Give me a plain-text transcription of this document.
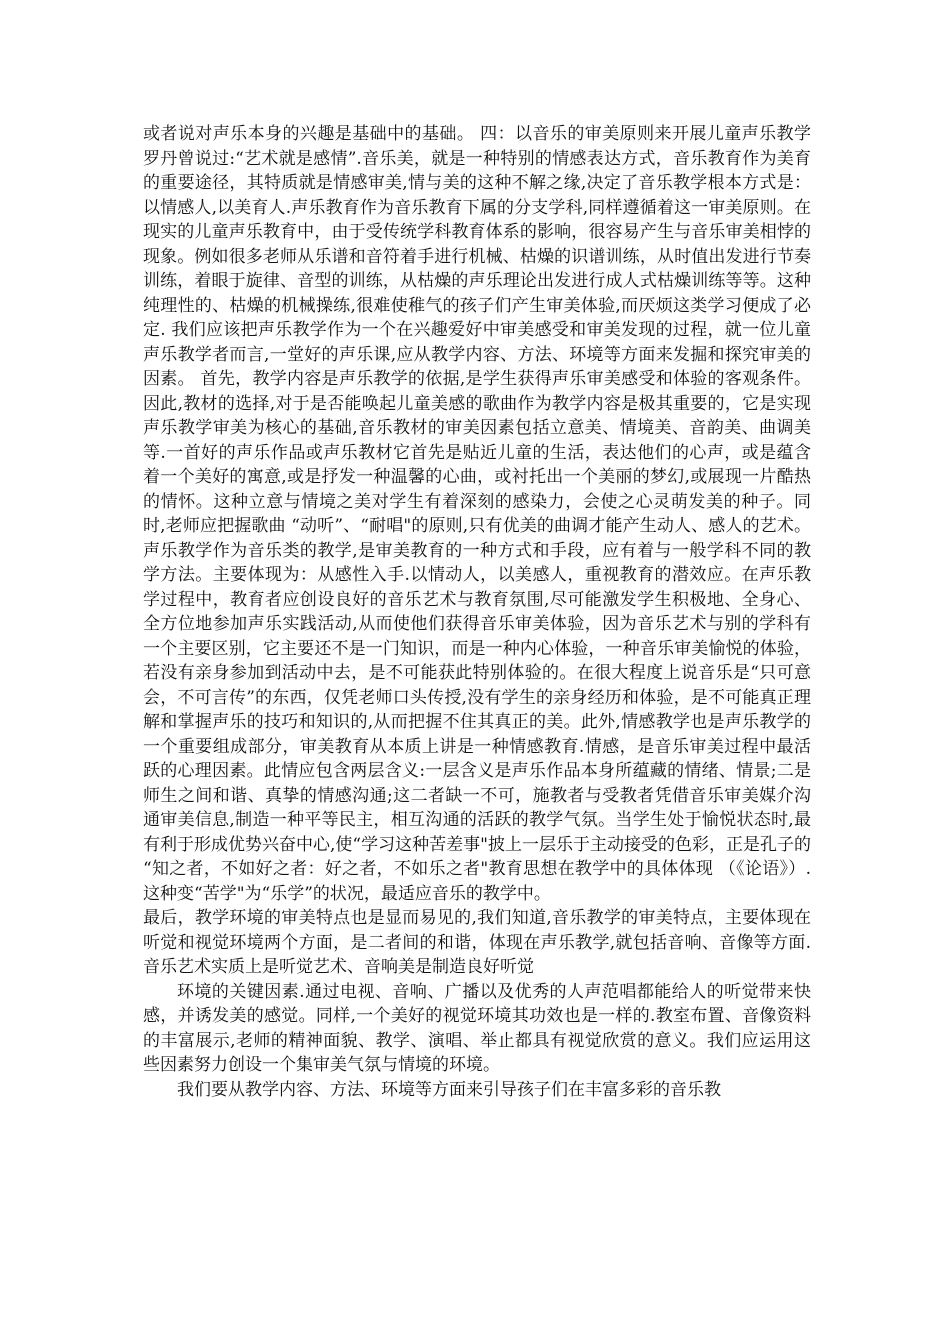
或者说对声乐本身的兴趣是基础中的基础。 四：以音乐的审美原则来开展儿童声乐教学 罗丹曾说过:“艺术就是感情”.音乐美，就是一种特别的情感表达方式，音乐教育作为美育的重要途径，其特质就是情感审美,情与美的这种不解之缘,决定了音乐教学根本方式是：以情感人,以美育人.声乐教育作为音乐教育下属的分支学科,同样遵循着这一审美原则。在现实的儿童声乐教育中，由于受传统学科教育体系的影响，很容易产生与音乐审美相悖的现象。例如很多老师从乐谱和音符着手进行机械、枯燥的识谱训练，从时值出发进行节奏训练，着眼于旋律、音型的训练，从枯燥的声乐理论出发进行成人式枯燥训练等等。这种纯理性的、枯燥的机械操练,很难使稚气的孩子们产生审美体验,而厌烦这类学习便成了必定. 我们应该把声乐教学作为一个在兴趣爱好中审美感受和审美发现的过程，就一位儿童声乐教学者而言,一堂好的声乐课,应从教学内容、方法、环境等方面来发掘和探究审美的因素。 首先，教学内容是声乐教学的依据,是学生获得声乐审美感受和体验的客观条件。因此,教材的选择,对于是否能唤起儿童美感的歌曲作为教学内容是极其重要的，它是实现声乐教学审美为核心的基础,音乐教材的审美因素包括立意美、情境美、音韵美、曲调美等.一首好的声乐作品或声乐教材它首先是贴近儿童的生活，表达他们的心声，或是蕴含着一个美好的寓意,或是抒发一种温馨的心曲，或衬托出一个美丽的梦幻,或展现一片酷热的情怀。这种立意与情境之美对学生有着深刻的感染力，会使之心灵萌发美的种子。同时,老师应把握歌曲 “动听”、“耐唱"的原则,只有优美的曲调才能产生动人、感人的艺术。 声乐教学作为音乐类的教学,是审美教育的一种方式和手段，应有着与一般学科不同的教学方法。主要体现为：从感性入手.以情动人，以美感人，重视教育的潜效应。在声乐教学过程中，教育者应创设良好的音乐艺术与教育氛围,尽可能激发学生积极地、全身心、全方位地参加声乐实践活动,从而使他们获得音乐审美体验，因为音乐艺术与别的学科有一个主要区别，它主要还不是一门知识，而是一种内心体验，一种音乐审美愉悦的体验，若没有亲身参加到活动中去，是不可能获此特别体验的。在很大程度上说音乐是“只可意会，不可言传”的东西，仅凭老师口头传授,没有学生的亲身经历和体验，是不可能真正理解和掌握声乐的技巧和知识的,从而把握不住其真正的美。此外,情感教学也是声乐教学的一个重要组成部分，审美教育从本质上讲是一种情感教育.情感，是音乐审美过程中最活跃的心理因素。此情应包含两层含义:一层含义是声乐作品本身所蕴藏的情绪、情景;二是师生之间和谐、真挚的情感沟通;这二者缺一不可，施教者与受教者凭借音乐审美媒介沟通审美信息,制造一种平等民主，相互沟通的活跃的教学气氛。当学生处于愉悦状态时,最有利于形成优势兴奋中心,使“学习这种苦差事"披上一层乐于主动接受的色彩，正是孔子的 “知之者，不如好之者：好之者，不如乐之者"教育思想在教学中的具体体现 （《论语》）.这种变“苦学"为“乐学”的状况，最适应音乐的教学中。

最后，教学环境的审美特点也是显而易见的,我们知道,音乐教学的审美特点，主要体现在听觉和视觉环境两个方面，是二者间的和谐，体现在声乐教学,就包括音响、音像等方面.音乐艺术实质上是听觉艺术、音响美是制造良好听觉

环境的关键因素.通过电视、音响、广播以及优秀的人声范唱都能给人的听觉带来快感，并诱发美的感觉。同样,一个美好的视觉环境其功效也是一样的.教室布置、音像资料的丰富展示,老师的精神面貌、教学、演唱、举止都具有视觉欣赏的意义。我们应运用这些因素努力创设一个集审美气氛与情境的环境。

我们要从教学内容、方法、环境等方面来引导孩子们在丰富多彩的音乐教
